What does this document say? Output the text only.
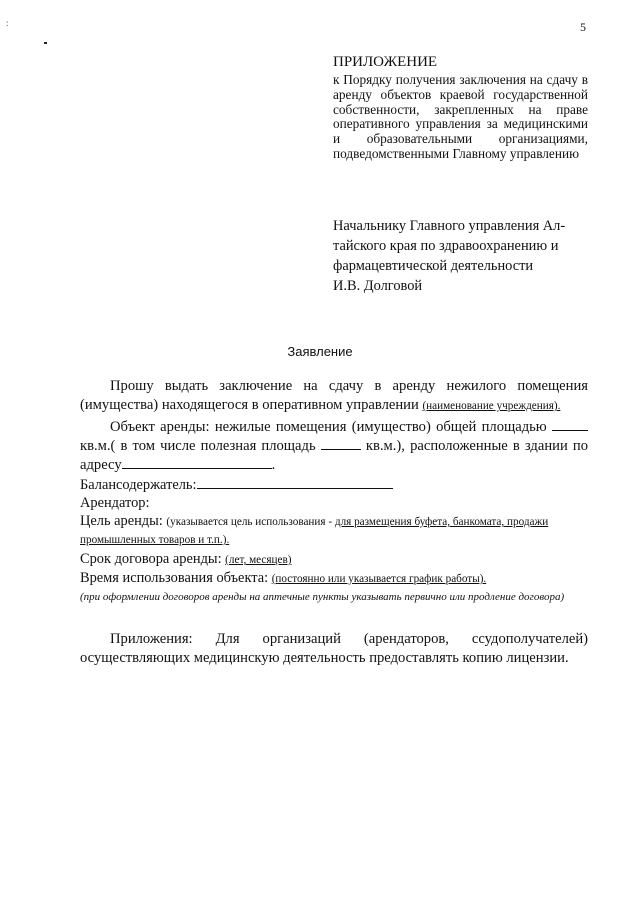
:	5
ПРИЛОЖЕНИЕ
к Порядку получения заключения на сдачу в аренду объектов краевой государственной собственности, закрепленных на праве оперативного управления за медицинскими и образовательными организациями, подведомственными Главному управлению
Начальнику Главного управления Ал-
тайского края по здравоохранению и
фармацевтической деятельности
И.В. Долговой
Заявление

Прошу выдать заключение на сдачу в аренду нежилого помещения (имущества) находящегося в оперативном управлении (наименование учреждения).

Объект аренды: нежилые помещения (имущество) общей площадью  кв.м.( в том числе полезная площадь	кв.м.), расположенные в здании по адресу	.

Балансодержатель:

Арендатор:

Цель аренды: (указывается цель использования - для размещения буфета, банкомата, продажи промышленных товаров и т.п.).

Срок договора аренды: (лет, месяцев)

Время использования объекта: (постоянно или указывается график работы).

(при оформлении договоров аренды на аптечные пункты указывать первично или продление договора)

Приложения: Для организаций (арендаторов, ссудополучателей) осуществляющих медицинскую деятельность предоставлять копию лицензии.
